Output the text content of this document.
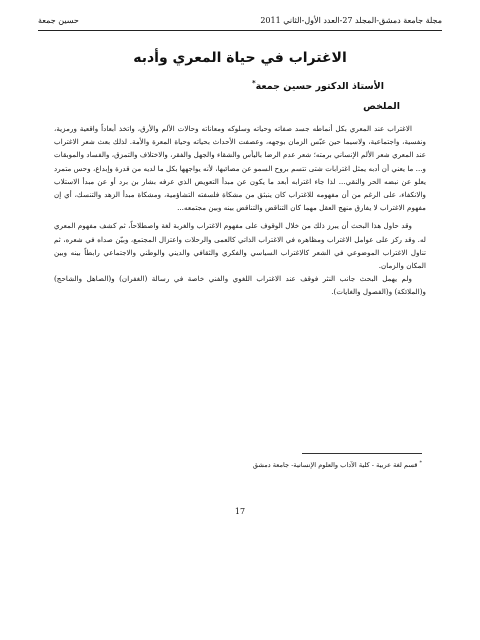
مجلة جامعة دمشق-المجلد 27-العدد الأول-الثاني 2011
حسين جمعة
الاغتراب في حياة المعري وأدبه
الأستاذ الدكتور حسين جمعة*
الملخص

الاغتراب عند المعري بكل أنماطه جسد صفاته وحياته وسلوكه ومعاناته وحالات الألم والأرق، واتخذ أبعاداً واقعية ورمزية، ونفسية، واجتماعية، ولاسيما حين عبّس الزمان بوجهه، وعصفت الأحداث بحياته وحياة المعرة والأمة. لذلك بعث شعر الاغتراب عند المعري شعر الألم الإنساني برمته؛ شعر عدم الرضا باليأس والشقاء والجهل والفقر، والاختلاف والتمزق، والفساد والموبقات و... ما يعني أن أدبه يمثل اغترابات شتى تتسم بروح السمو عن مصائبها، لأنه يواجهها بكل ما لديه من قدرة وإبداع، وحس متمرد يعلو عن نبضه الحر والنقي... لذا جاء اغترابه أبعد ما يكون عن مبدأ التعويض الذي عرفه بشار بن برد أو عن مبدأ الاستلاب والانكفاء، على الرغم من أن مفهومه للاغتراب كان ينبثق من مشكاة فلسفته التشاؤمية، ومشكاة مبدأ الزهد والتنسك، أي إن مفهوم الاغتراب لا يفارق منهج العقل مهما كان التناقض والتناقض بينه وبين مجتمعه...

وقد حاول هذا البحث أن يبرز ذلك من خلال الوقوف على مفهوم الاغتراب والغربة لغة واصطلاحاً، ثم كشف مفهوم المعري له. وقد ركز على عوامل الاغتراب ومظاهره في الاغتراب الذاتي كالعمى والرحلات واعتزال المجتمع، وبيّن صداه في شعره، ثم تناول الاغتراب الموضوعي في الشعر كالاغتراب السياسي والفكري والثقافي والديني والوطني والاجتماعي رابطاً بينه وبين المكان والزمان.

ولم يهمل البحث جانب النثر فوقف عند الاغتراب اللغوي والفني خاصة في رسالة (الغفران) و(الصاهل والشاحج) و(الملائكة) و(الفصول والغايات).

* قسم لغة عربية - كلية الآداب والعلوم الإنسانية- جامعة دمشق
17
